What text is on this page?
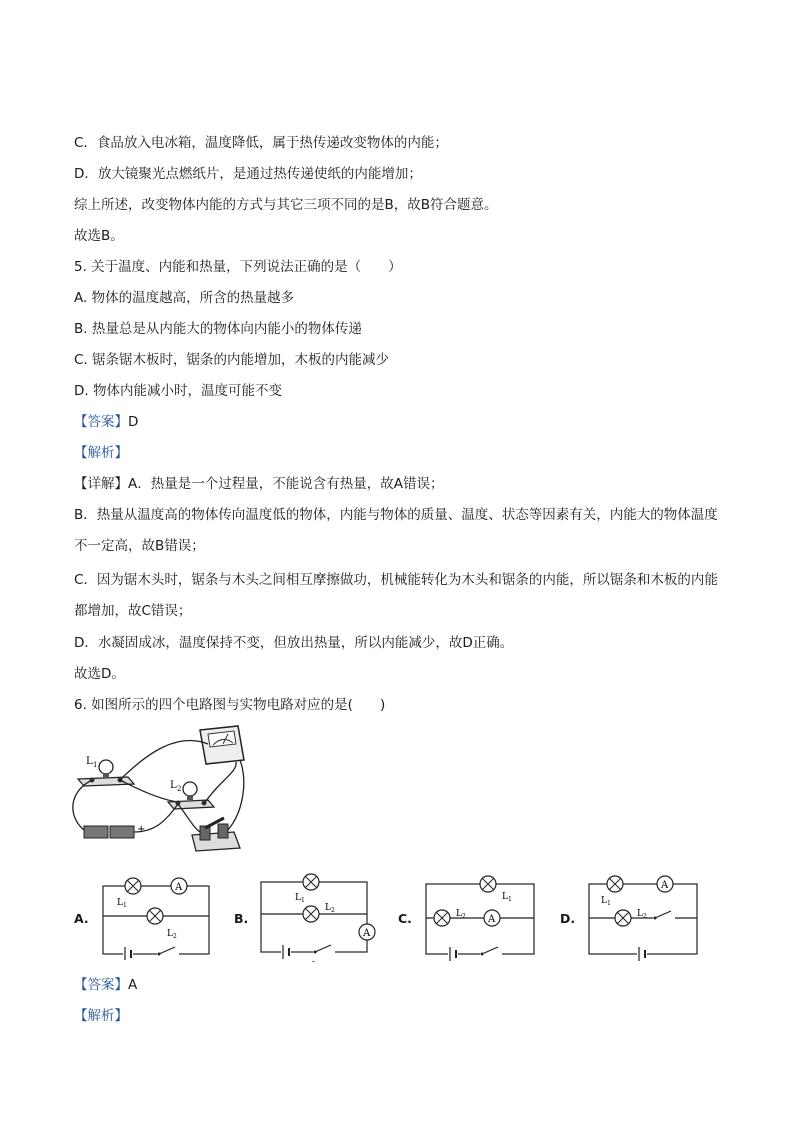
C．食品放入电冰箱，温度降低，属于热传递改变物体的内能；
D．放大镜聚光点燃纸片，是通过热传递使纸的内能增加；
综上所述，改变物体内能的方式与其它三项不同的是B，故B符合题意。
故选B。
5. 关于温度、内能和热量，下列说法正确的是（　　）
A. 物体的温度越高，所含的热量越多
B. 热量总是从内能大的物体向内能小的物体传递
C. 锯条锯木板时，锯条的内能增加，木板的内能减少
D. 物体内能减小时，温度可能不变
【答案】D
【解析】
【详解】A．热量是一个过程量，不能说含有热量，故A错误；
B．热量从温度高的物体传向温度低的物体，内能与物体的质量、温度、状态等因素有关，内能大的物体温度不一定高，故B错误；
C．因为锯木头时，锯条与木头之间相互摩擦做功，机械能转化为木头和锯条的内能，所以锯条和木板的内能都增加，故C错误；
D．水凝固成冰，温度保持不变，但放出热量，所以内能减少，故D正确。
故选D。
6. 如图所示的四个电路图与实物电路对应的是(　　)
L 1
L 2
+
A.	B.	C.	D.
A
L 1
L 2
L 1
L 2
A
-
L 1
L 2 A
L 1
A
L 2
【答案】A
【解析】
